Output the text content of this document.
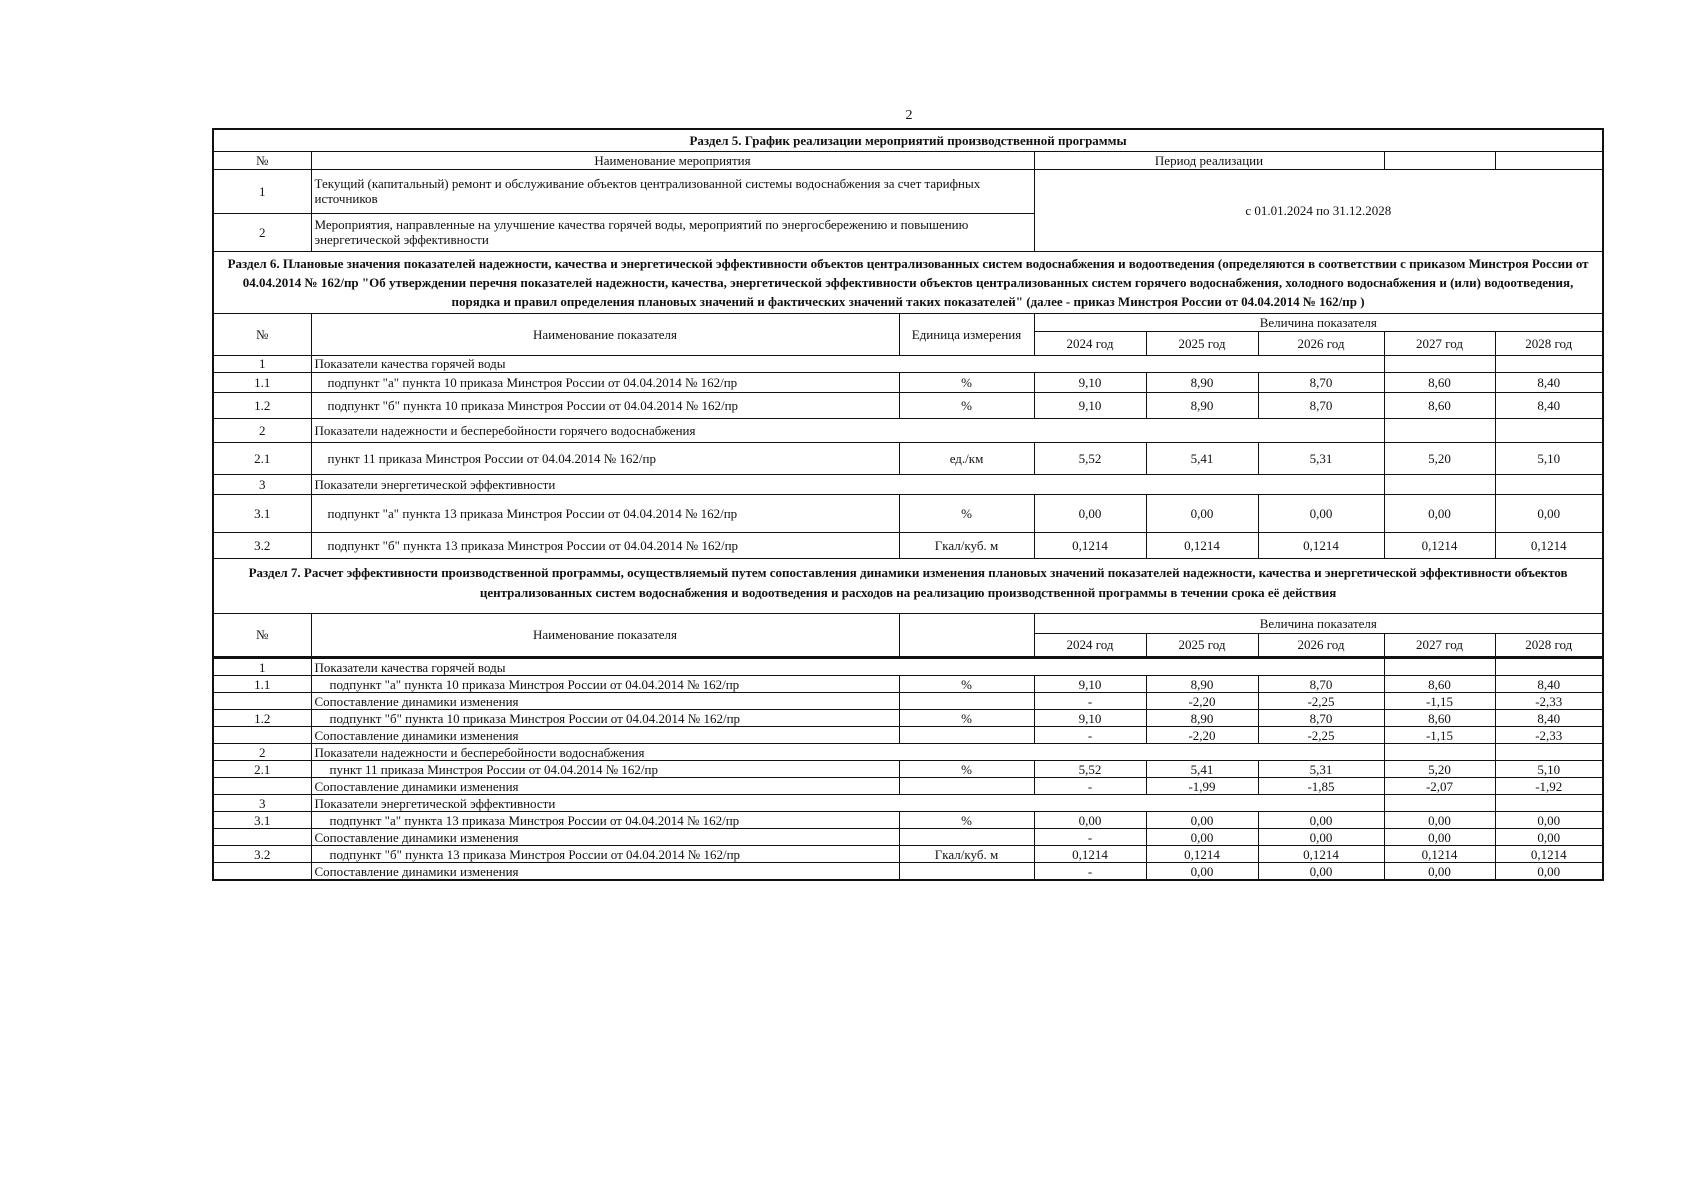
2
Раздел 5. График реализации мероприятий производственной программы							
№	Наименование мероприятия		Период реализации				
1	Текущий (капитальный) ремонт и обслуживание объектов централизованной системы водоснабжения за счет тарифных источников		с 01.01.2024 по 31.12.2028				
2	Мероприятия, направленные на улучшение качества горячей воды, мероприятий по энергосбережению и повышению энергетической эффективности						
Раздел 6. Плановые значения показателей надежности, качества и энергетической эффективности объектов централизованных систем водоснабжения и водоотведения (определяются в соответствии с приказом Минстроя России от 04.04.2014 № 162/пр "Об утверждении перечня показателей надежности, качества, энергетической эффективности объектов централизованных систем горячего водоснабжения, холодного водоснабжения и (или) водоотведения, порядка и правил определения плановых значений и фактических значений таких показателей" (далее - приказ Минстроя России от 04.04.2014 № 162/пр )							
№	Наименование показателя	Единица измерения	Величина показателя				
			2024 год	2025 год	2026 год	2027 год	2028 год
1	Показатели качества горячей воды						
1.1	подпункт "а" пункта 10 приказа Минстроя России от 04.04.2014 № 162/пр	%	9,10	8,90	8,70	8,60	8,40
1.2	подпункт "б" пункта 10 приказа Минстроя России от 04.04.2014 № 162/пр	%	9,10	8,90	8,70	8,60	8,40
2	Показатели надежности и бесперебойности горячего водоснабжения						
2.1	пункт 11 приказа Минстроя России от 04.04.2014 № 162/пр	ед./км	5,52	5,41	5,31	5,20	5,10
3	Показатели энергетической эффективности						
3.1	подпункт "а" пункта 13 приказа Минстроя России от 04.04.2014 № 162/пр	%	0,00	0,00	0,00	0,00	0,00
3.2	подпункт "б" пункта 13 приказа Минстроя России от 04.04.2014 № 162/пр	Гкал/куб. м	0,1214	0,1214	0,1214	0,1214	0,1214
Раздел 7. Расчет эффективности производственной программы, осуществляемый путем сопоставления динамики изменения плановых значений показателей надежности, качества и энергетической эффективности объектов централизованных систем водоснабжения и водоотведения и расходов на реализацию производственной программы в течении срока её действия							
№	Наименование показателя		Величина показателя				
			2024 год	2025 год	2026 год	2027 год	2028 год
1	Показатели качества горячей воды						
1.1	подпункт "а" пункта 10 приказа Минстроя России от 04.04.2014 № 162/пр	%	9,10	8,90	8,70	8,60	8,40
	Сопоставление динамики изменения		-	-2,20	-2,25	-1,15	-2,33
1.2	подпункт "б" пункта 10 приказа Минстроя России от 04.04.2014 № 162/пр	%	9,10	8,90	8,70	8,60	8,40
	Сопоставление динамики изменения		-	-2,20	-2,25	-1,15	-2,33
2	Показатели надежности и бесперебойности водоснабжения						
2.1	пункт 11 приказа Минстроя России от 04.04.2014 № 162/пр	%	5,52	5,41	5,31	5,20	5,10
	Сопоставление динамики изменения		-	-1,99	-1,85	-2,07	-1,92
3	Показатели энергетической эффективности						
3.1	подпункт "а" пункта 13 приказа Минстроя России от 04.04.2014 № 162/пр	%	0,00	0,00	0,00	0,00	0,00
	Сопоставление динамики изменения		-	0,00	0,00	0,00	0,00
3.2	подпункт "б" пункта 13 приказа Минстроя России от 04.04.2014 № 162/пр	Гкал/куб. м	0,1214	0,1214	0,1214	0,1214	0,1214
	Сопоставление динамики изменения		-	0,00	0,00	0,00	0,00
